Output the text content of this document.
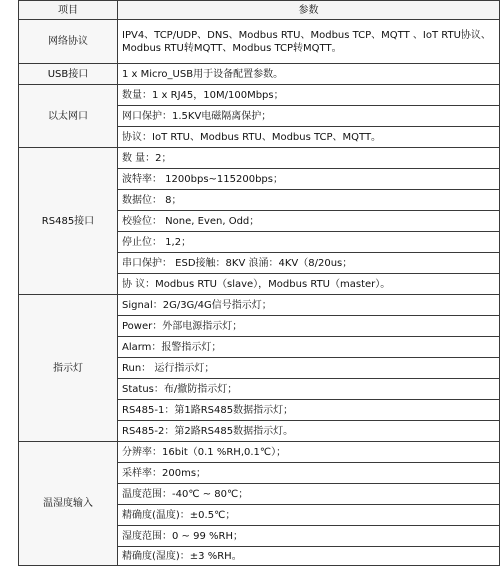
项目	参数
网络协议	IPV4、TCP/UDP、DNS、Modbus RTU、Modbus TCP、MQTT 、IoT RTU协议、Modbus RTU转MQTT、Modbus TCP转MQTT。
USB接口	1 x Micro_USB用于设备配置参数。
以太网口	数量：1 x RJ45，10M/100Mbps；
	网口保护：1.5KV电磁隔离保护；
	协议：IoT RTU、Modbus RTU、Modbus TCP、MQTT。
RS485接口	数 量：2；
	波特率： 1200bps~115200bps；
	数据位： 8；
	校验位： None, Even, Odd；
	停止位： 1,2；
	串口保护： ESD接触：8KV 浪涌：4KV（8/20us；
	协 议：Modbus RTU（slave），Modbus RTU（master）。
指示灯	Signal：2G/3G/4G信号指示灯；
	Power：外部电源指示灯；
	Alarm：报警指示灯；
	Run： 运行指示灯；
	Status：布/撤防指示灯；
	RS485-1：第1路RS485数据指示灯；
	RS485-2：第2路RS485数据指示灯。
温湿度输入	分辨率：16bit（0.1 %RH,0.1℃）；
	采样率：200ms；
	温度范围：-40℃ ~ 80℃；
	精确度(温度)：±0.5℃；
	湿度范围：0 ~ 99 %RH；
	精确度(湿度)：±3 %RH。
